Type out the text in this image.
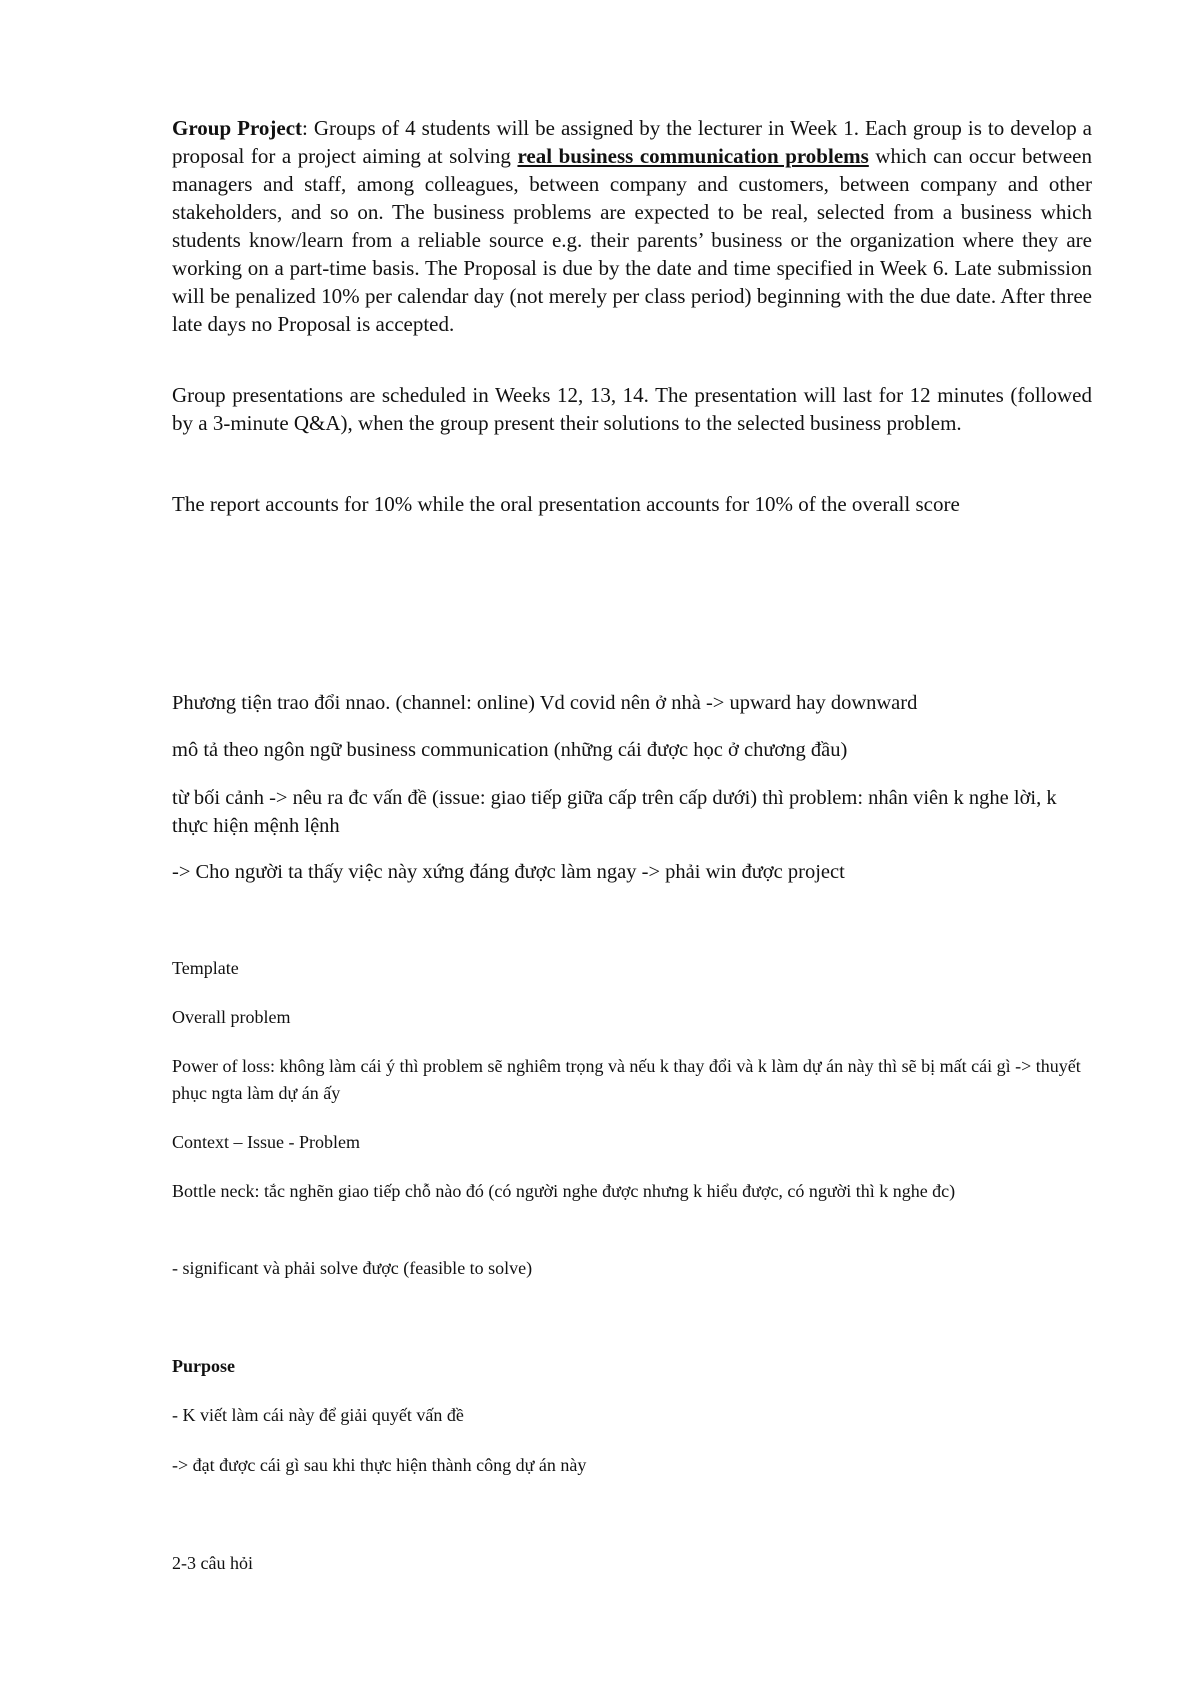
Group Project: Groups of 4 students will be assigned by the lecturer in Week 1. Each group is to develop a proposal for a project aiming at solving real business communication problems which can occur between managers and staff, among colleagues, between company and customers, between company and other stakeholders, and so on. The business problems are expected to be real, selected from a business which students know/learn from a reliable source e.g. their parents’ business or the organization where they are working on a part-time basis. The Proposal is due by the date and time specified in Week 6. Late submission will be penalized 10% per calendar day (not merely per class period) beginning with the due date. After three late days no Proposal is accepted.

Group presentations are scheduled in Weeks 12, 13, 14. The presentation will last for 12 minutes (followed by a 3-minute Q&A), when the group present their solutions to the selected business problem.

The report accounts for 10% while the oral presentation accounts for 10% of the overall score

Phương tiện trao đổi nnao. (channel: online) Vd covid nên ở nhà -> upward hay downward

mô tả theo ngôn ngữ business communication (những cái được học ở chương đầu)

từ bối cảnh -> nêu ra đc vấn đề (issue: giao tiếp giữa cấp trên cấp dưới) thì problem: nhân viên k nghe lời, k thực hiện mệnh lệnh

-> Cho người ta thấy việc này xứng đáng được làm ngay -> phải win được project

Template

Overall problem

Power of loss: không làm cái ý thì problem sẽ nghiêm trọng và nếu k thay đổi và k làm dự án này thì sẽ bị mất cái gì -> thuyết phục ngta làm dự án ấy

Context – Issue - Problem

Bottle neck: tắc nghẽn giao tiếp chỗ nào đó (có người nghe được nhưng k hiểu được, có người thì k nghe đc)

- significant và phải solve được (feasible to solve)

Purpose

- K viết làm cái này để giải quyết vấn đề

-> đạt được cái gì sau khi thực hiện thành công dự án này

2-3 câu hỏi
